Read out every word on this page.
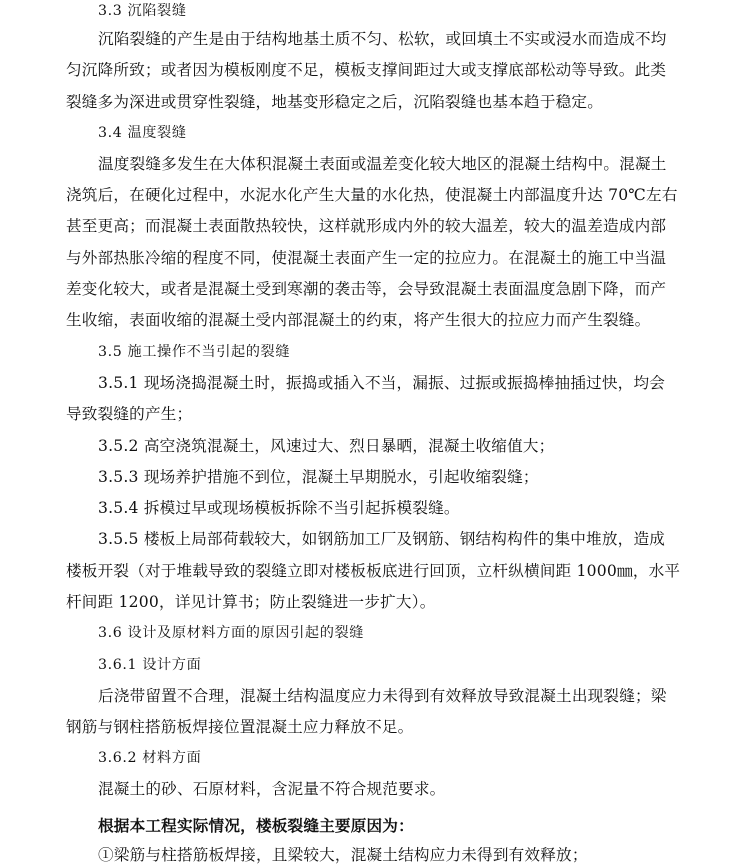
3.3 沉陷裂缝
沉陷裂缝的产生是由于结构地基土质不匀、松软，或回填土不实或浸水而造成不均
匀沉降所致；或者因为模板刚度不足，模板支撑间距过大或支撑底部松动等导致。此类
裂缝多为深进或贯穿性裂缝，地基变形稳定之后，沉陷裂缝也基本趋于稳定。
3.4 温度裂缝
温度裂缝多发生在大体积混凝土表面或温差变化较大地区的混凝土结构中。混凝土
浇筑后，在硬化过程中，水泥水化产生大量的水化热，使混凝土内部温度升达 70℃左右
甚至更高；而混凝土表面散热较快，这样就形成内外的较大温差，较大的温差造成内部
与外部热胀冷缩的程度不同，使混凝土表面产生一定的拉应力。在混凝土的施工中当温
差变化较大，或者是混凝土受到寒潮的袭击等，会导致混凝土表面温度急剧下降，而产
生收缩，表面收缩的混凝土受内部混凝土的约束，将产生很大的拉应力而产生裂缝。
3.5 施工操作不当引起的裂缝
3.5.1 现场浇捣混凝土时，振捣或插入不当，漏振、过振或振捣棒抽插过快，均会
导致裂缝的产生；
3.5.2 高空浇筑混凝土，风速过大、烈日暴晒，混凝土收缩值大；
3.5.3 现场养护措施不到位，混凝土早期脱水，引起收缩裂缝；
3.5.4 拆模过早或现场模板拆除不当引起拆模裂缝。
3.5.5 楼板上局部荷载较大，如钢筋加工厂及钢筋、钢结构构件的集中堆放，造成
楼板开裂（对于堆载导致的裂缝立即对楼板板底进行回顶，立杆纵横间距 1000㎜，水平
杆间距 1200，详见计算书；防止裂缝进一步扩大）。
3.6 设计及原材料方面的原因引起的裂缝
3.6.1 设计方面
后浇带留置不合理，混凝土结构温度应力未得到有效释放导致混凝土出现裂缝；梁
钢筋与钢柱搭筋板焊接位置混凝土应力释放不足。
3.6.2 材料方面
混凝土的砂、石原材料，含泥量不符合规范要求。
根据本工程实际情况，楼板裂缝主要原因为：
①梁筋与柱搭筋板焊接，且梁较大，混凝土结构应力未得到有效释放；
